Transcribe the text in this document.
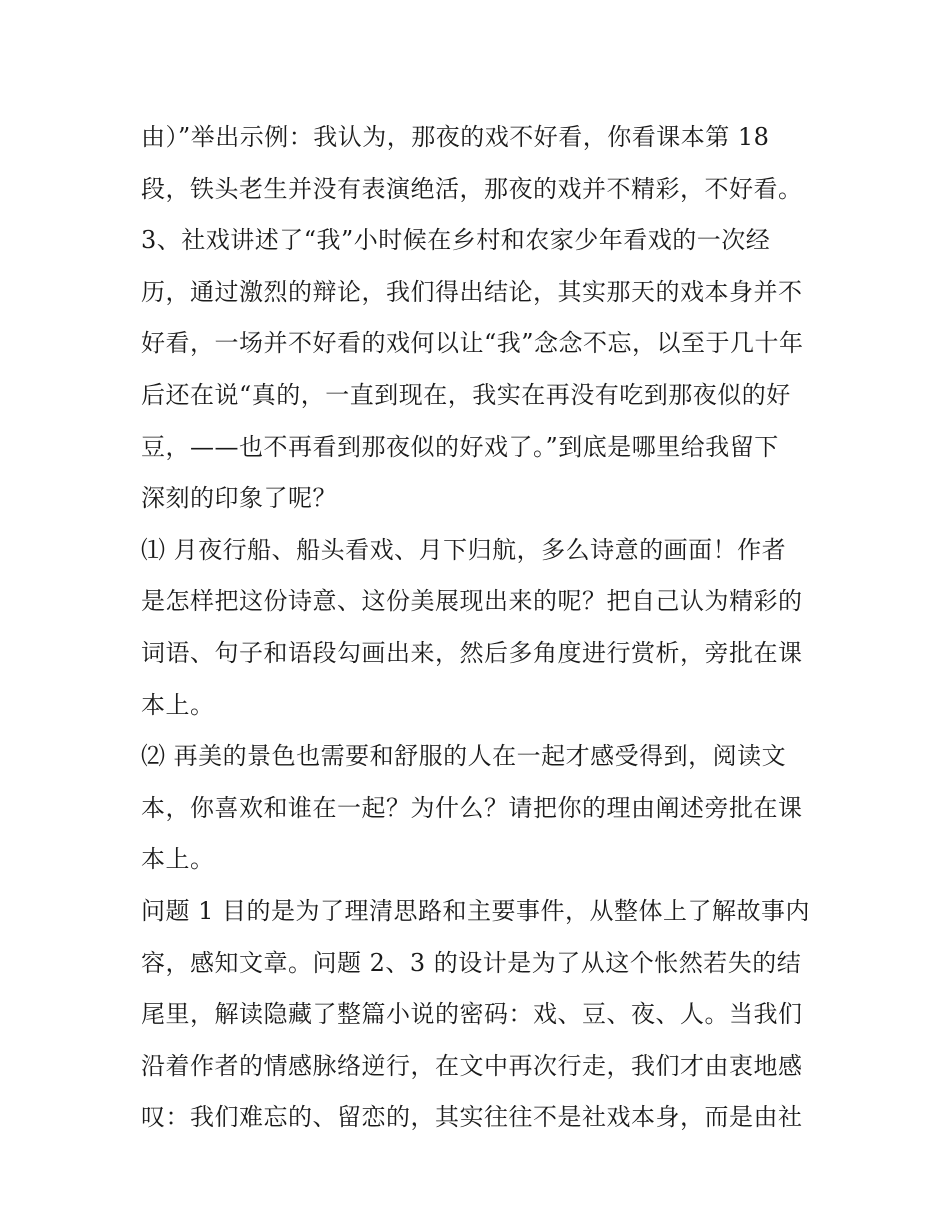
由）”举出示例：我认为，那夜的戏不好看，你看课本第 18
段，铁头老生并没有表演绝活，那夜的戏并不精彩，不好看。
3、社戏讲述了“我”小时候在乡村和农家少年看戏的一次经
历，通过激烈的辩论，我们得出结论，其实那天的戏本身并不
好看，一场并不好看的戏何以让“我”念念不忘，以至于几十年
后还在说“真的，一直到现在，我实在再没有吃到那夜似的好
豆，——也不再看到那夜似的好戏了。”到底是哪里给我留下
深刻的印象了呢？
⑴ 月夜行船、船头看戏、月下归航，多么诗意的画面！作者
是怎样把这份诗意、这份美展现出来的呢？把自己认为精彩的
词语、句子和语段勾画出来，然后多角度进行赏析，旁批在课
本上。
⑵ 再美的景色也需要和舒服的人在一起才感受得到，阅读文
本，你喜欢和谁在一起？为什么？请把你的理由阐述旁批在课
本上。
问题 1 目的是为了理清思路和主要事件，从整体上了解故事内
容，感知文章。问题 2、3 的设计是为了从这个怅然若失的结
尾里，解读隐藏了整篇小说的密码：戏、豆、夜、人。当我们
沿着作者的情感脉络逆行，在文中再次行走，我们才由衷地感
叹：我们难忘的、留恋的，其实往往不是社戏本身，而是由社
